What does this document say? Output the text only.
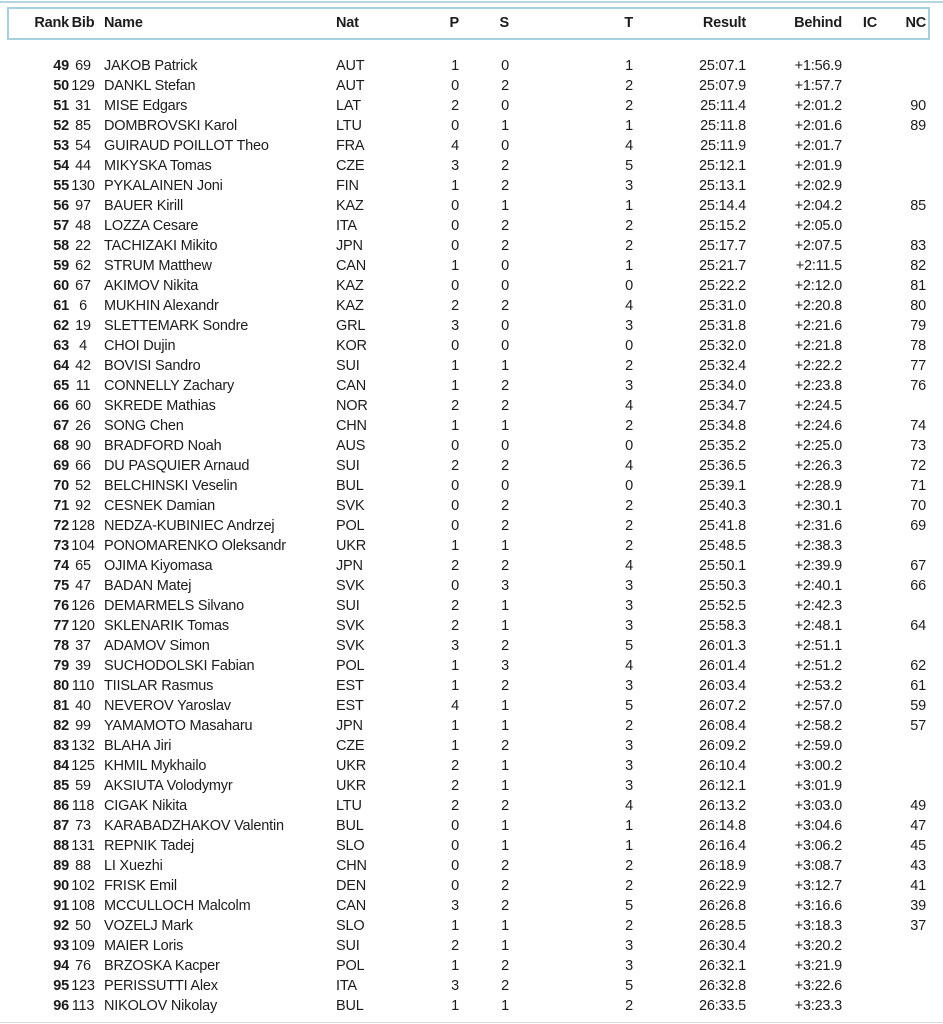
Rank Bib Name	Nat	P	S	T	Result	Behind	IC	NC
49 69 JAKOB Patrick	AUT	1	0	1	25:07.1	+1:56.9
50 129 DANKL Stefan	AUT	0	2	2	25:07.9	+1:57.7
51 31 MISE Edgars	LAT	2	0	2	25:11.4	+2:01.2	90
52 85 DOMBROVSKI Karol	LTU	0	1	1	25:11.8	+2:01.6	89
53 54 GUIRAUD POILLOT Theo	FRA	4	0	4	25:11.9	+2:01.7
54 44 MIKYSKA Tomas	CZE	3	2	5	25:12.1	+2:01.9
55 130 PYKALAINEN Joni	FIN	1	2	3	25:13.1	+2:02.9
56 97 BAUER Kirill	KAZ	0	1	1	25:14.4	+2:04.2	85
57 48 LOZZA Cesare	ITA	0	2	2	25:15.2	+2:05.0
58 22 TACHIZAKI Mikito	JPN	0	2	2	25:17.7	+2:07.5	83
59 62 STRUM Matthew	CAN	1	0	1	25:21.7	+2:11.5	82
60 67 AKIMOV Nikita	KAZ	0	0	0	25:22.2	+2:12.0	81
61 6	MUKHIN Alexandr	KAZ	2	2	4	25:31.0	+2:20.8	80
62 19 SLETTEMARK Sondre	GRL	3	0	3	25:31.8	+2:21.6	79
63 4	CHOI Dujin	KOR	0	0	0	25:32.0	+2:21.8	78
64 42 BOVISI Sandro	SUI	1	1	2	25:32.4	+2:22.2	77
65 11 CONNELLY Zachary	CAN	1	2	3	25:34.0	+2:23.8	76
66 60 SKREDE Mathias	NOR	2	2	4	25:34.7	+2:24.5
67 26 SONG Chen	CHN	1	1	2	25:34.8	+2:24.6	74
68 90 BRADFORD Noah	AUS	0	0	0	25:35.2	+2:25.0	73
69 66 DU PASQUIER Arnaud	SUI	2	2	4	25:36.5	+2:26.3	72
70 52 BELCHINSKI Veselin	BUL	0	0	0	25:39.1	+2:28.9	71
71 92 CESNEK Damian	SVK	0	2	2	25:40.3	+2:30.1	70
72 128 NEDZA-KUBINIEC Andrzej	POL	0	2	2	25:41.8	+2:31.6	69
73 104 PONOMARENKO Oleksandr	UKR	1	1	2	25:48.5	+2:38.3
74 65 OJIMA Kiyomasa	JPN	2	2	4	25:50.1	+2:39.9	67
75 47 BADAN Matej	SVK	0	3	3	25:50.3	+2:40.1	66
76 126 DEMARMELS Silvano	SUI	2	1	3	25:52.5	+2:42.3
77 120 SKLENARIK Tomas	SVK	2	1	3	25:58.3	+2:48.1	64
78 37 ADAMOV Simon	SVK	3	2	5	26:01.3	+2:51.1
79 39 SUCHODOLSKI Fabian	POL	1	3	4	26:01.4	+2:51.2	62
80 110 TIISLAR Rasmus	EST	1	2	3	26:03.4	+2:53.2	61
81 40 NEVEROV Yaroslav	EST	4	1	5	26:07.2	+2:57.0	59
82 99 YAMAMOTO Masaharu	JPN	1	1	2	26:08.4	+2:58.2	57
83 132 BLAHA Jiri	CZE	1	2	3	26:09.2	+2:59.0
84 125 KHMIL Mykhailo	UKR	2	1	3	26:10.4	+3:00.2
85 59 AKSIUTA Volodymyr	UKR	2	1	3	26:12.1	+3:01.9
86 118 CIGAK Nikita	LTU	2	2	4	26:13.2	+3:03.0	49
87 73 KARABADZHAKOV Valentin	BUL	0	1	1	26:14.8	+3:04.6	47
88 131 REPNIK Tadej	SLO	0	1	1	26:16.4	+3:06.2	45
89 88 LI Xuezhi	CHN	0	2	2	26:18.9	+3:08.7	43
90 102 FRISK Emil	DEN	0	2	2	26:22.9	+3:12.7	41
91 108 MCCULLOCH Malcolm	CAN	3	2	5	26:26.8	+3:16.6	39
92 50 VOZELJ Mark	SLO	1	1	2	26:28.5	+3:18.3	37
93 109 MAIER Loris	SUI	2	1	3	26:30.4	+3:20.2
94 76 BRZOSKA Kacper	POL	1	2	3	26:32.1	+3:21.9
95 123 PERISSUTTI Alex	ITA	3	2	5	26:32.8	+3:22.6
96 113 NIKOLOV Nikolay	BUL	1	1	2	26:33.5	+3:23.3
